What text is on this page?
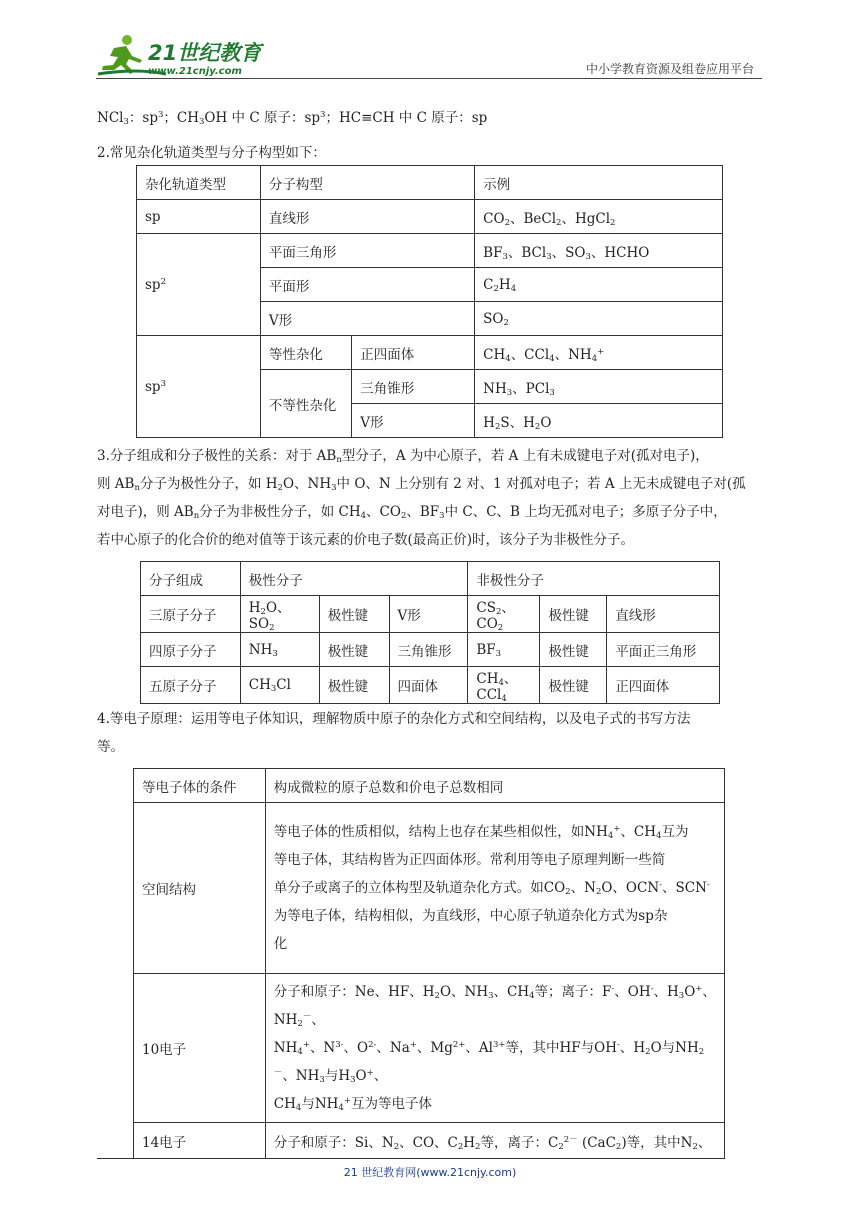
21世纪教育
www.21cnjy.com	中小学教育资源及组卷应用平台
NCl$_3$：$sp^3$；$CH_3OH$ 中 C 原子：$sp^3$；HC≡CH 中 C 原子：sp
2.常见杂化轨道类型与分子构型如下：
杂化轨道类型	分子构型		示例
sp	直线形		$CO_2$、BeCl$_2$、HgCl$_2$
$sp^2$	平面三角形		$BF_3$、BCl$_3$、$SO_3$、HCHO
	平面形		$C_2H_4$
	V形		$SO_2$
$sp^3$	等性杂化	正四面体	$CH_4$、CCl$_4$、$NH_4^+$
	不等性杂化	三角锥形	$NH_3$、PCl$_3$
		V形	$H_2S$、$H_2O$
3.分子组成和分子极性的关系：对于 $AB_n$型分子，A 为中心原子，若 A 上有未成键电子对(孤对电子)，
则 $AB_n$分子为极性分子，如 $H_2O$、$NH_3$中 O、N 上分别有 2 对、1 对孤对电子；若 A 上无未成键电子对(孤
对电子)，则 $AB_n$分子为非极性分子，如 $CH_4$、$CO_2$、$BF_3$中 C、C、B 上均无孤对电子；多原子分子中，
若中心原子的化合价的绝对值等于该元素的价电子数(最高正价)时，该分子为非极性分子。
分子组成	极性分子			非极性分子		
三原子分子	$H_2O$、$SO_2$	极性键	V形	$CS_2$、$CO_2$	极性键	直线形
四原子分子	$NH_3$	极性键	三角锥形	$BF_3$	极性键	平面正三角形
五原子分子	$CH_3Cl$	极性键	四面体	$CH_4$、CCl$_4$	极性键	正四面体
4.等电子原理：运用等电子体知识，理解物质中原子的杂化方式和空间结构，以及电子式的书写方法
等。
等电子体的条件	构成微粒的原子总数和价电子总数相同
空间结构	等电子体的性质相似，结构上也存在某些相似性，如$NH_4^+$、$CH_4$互为
等电子体，其结构皆为正四面体形。常利用等电子原理判断一些简
单分子或离子的立体构型及轨道杂化方式。如$CO_2$、$N_2O$、OCN-、SCN-
为等电子体，结构相似，为直线形，中心原子轨道杂化方式为sp杂
化
10电子	分子和原子：Ne、HF、$H_2O$、$NH_3$、$CH_4$等；离子：F-、OH-、$H_3O^+$、$NH_2^-$、
$NH_4^+$、$N^{3-}$、$O^{2-}$、Na+、$Mg^{2+}$、$Al^{3+}$等，其中HF与OH-、$H_2O$与$NH_2^-$、$NH_3$与$H_3O^+$、
$CH_4$与$NH_4^+$互为等电子体
14电子	分子和原子：Si、$N_2$、CO、$C_2H_2$等，离子：$C_2^{2-}$ (CaC$_2$)等，其中$N_2$、
21 世纪教育网(www.21cnjy.com)
